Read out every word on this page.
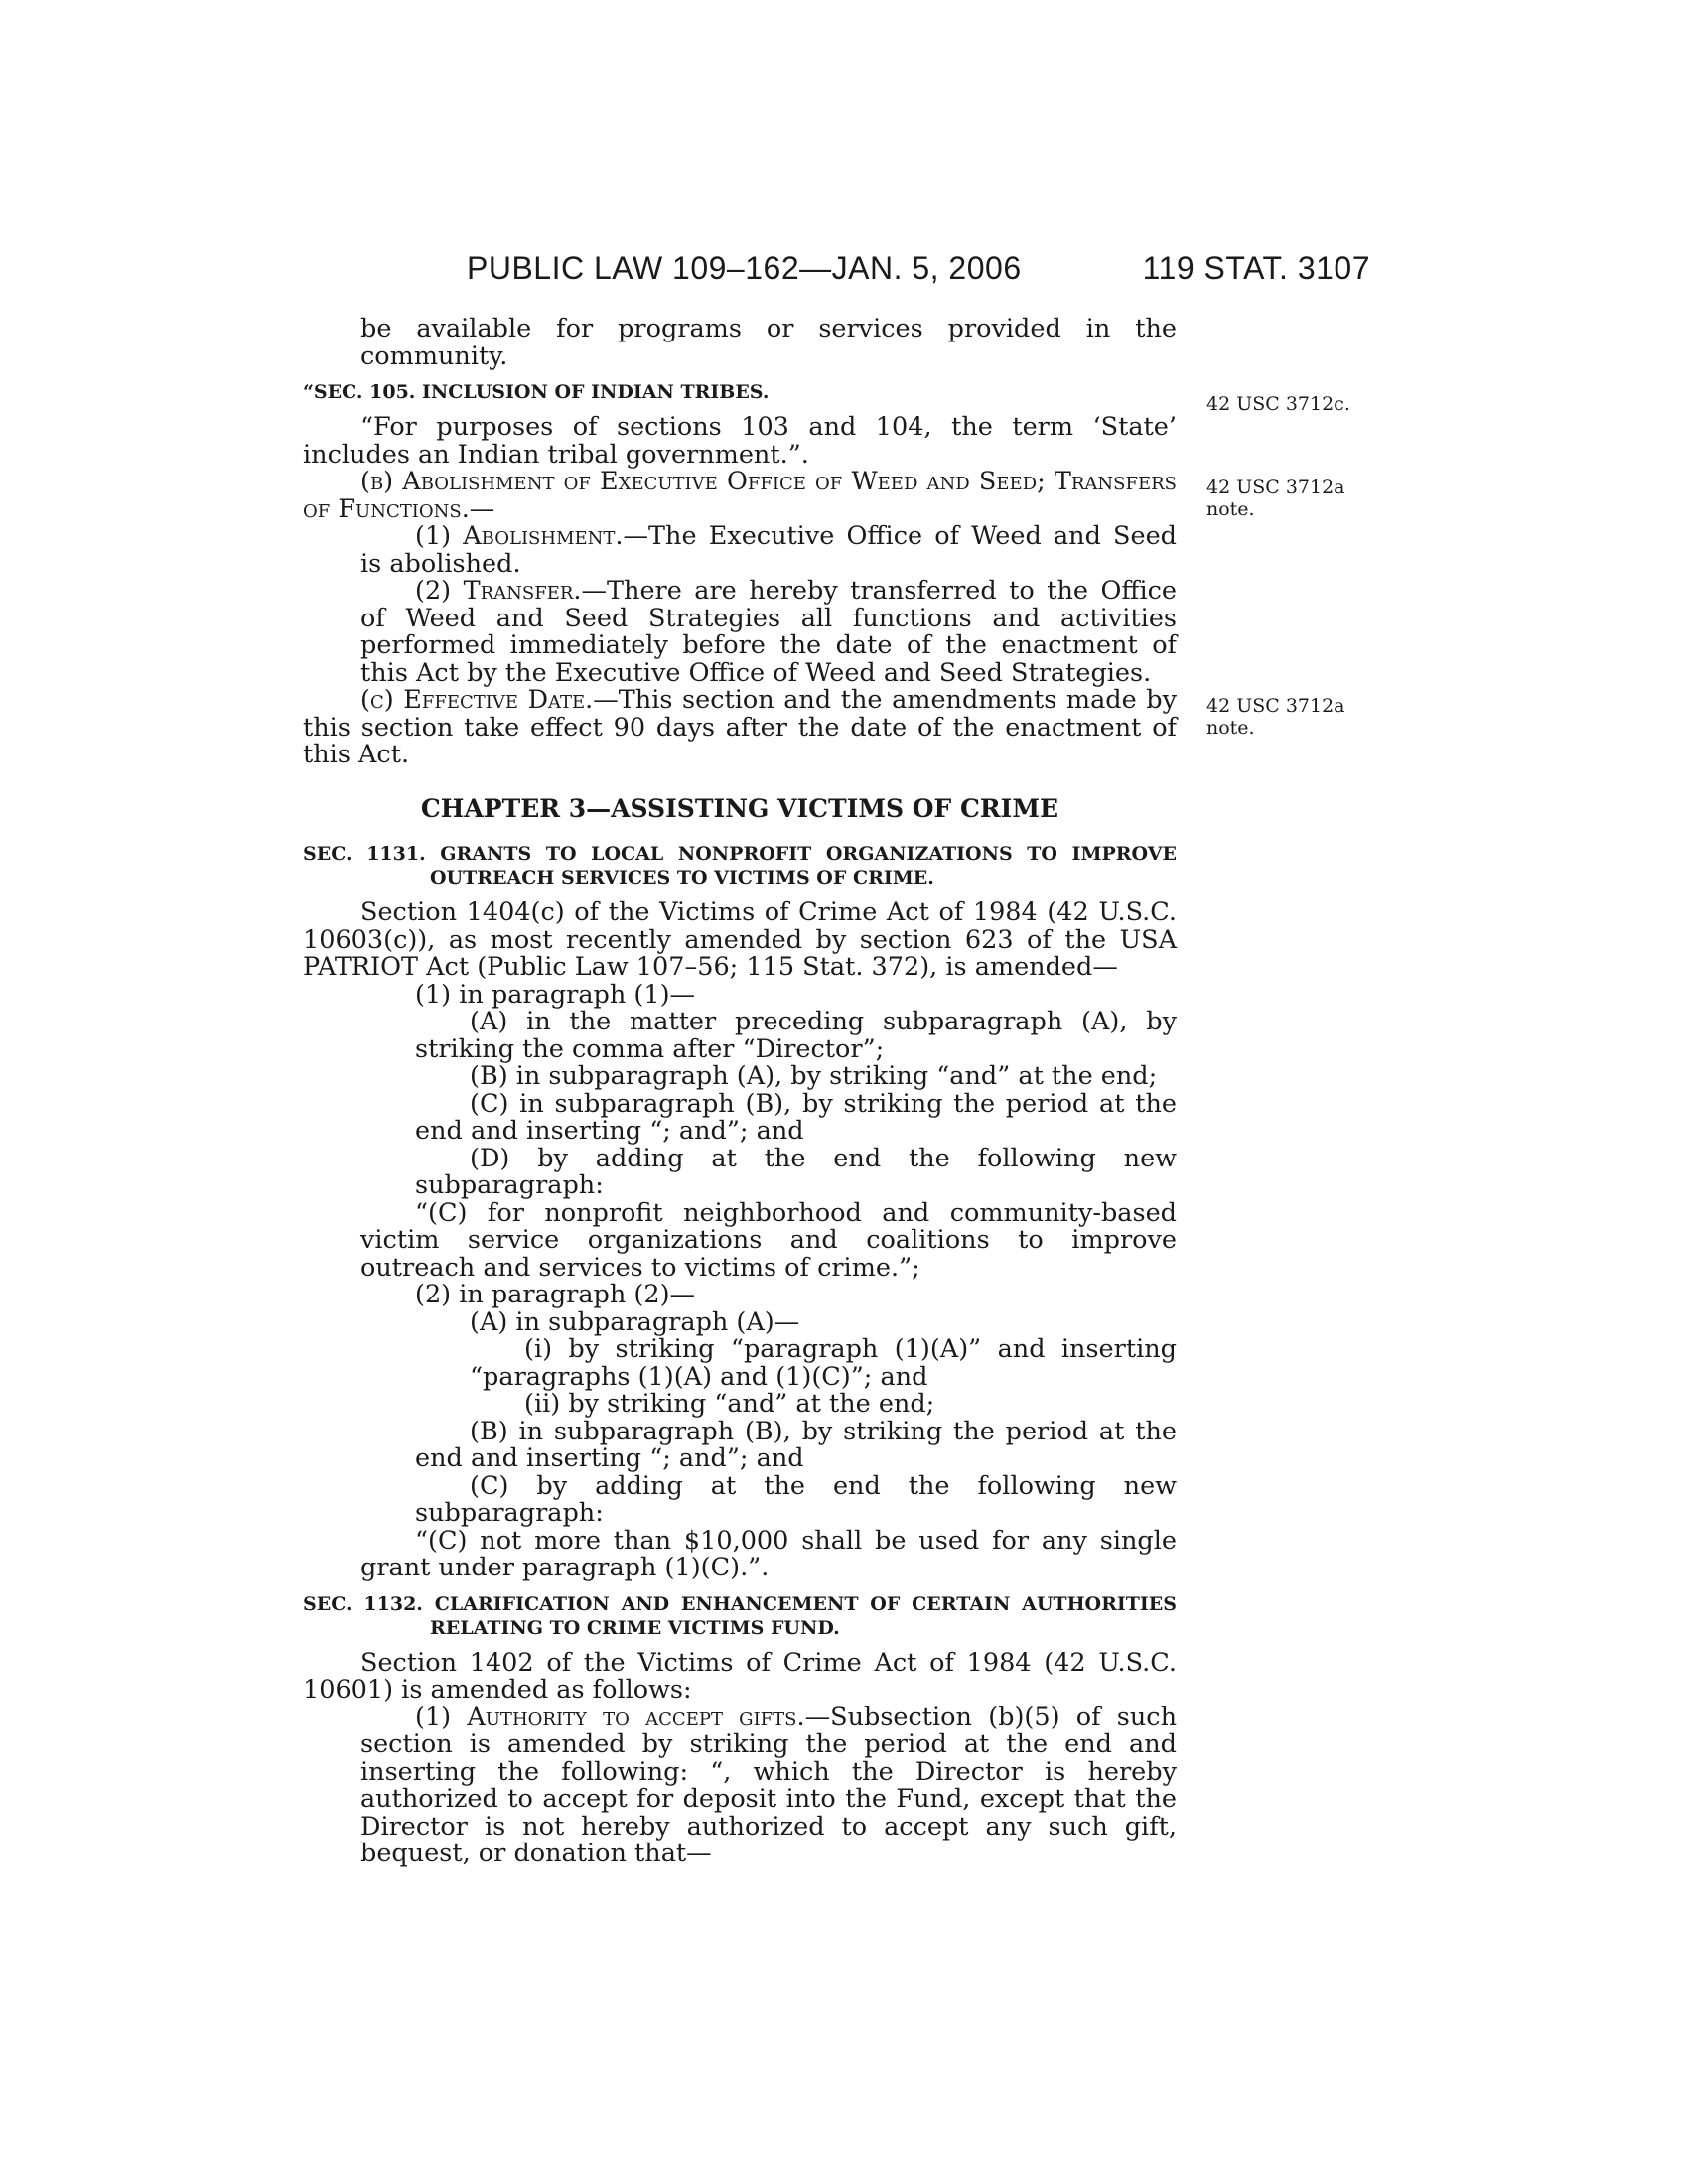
PUBLIC LAW 109–162—JAN. 5, 2006	119 STAT. 3107
42 USC 3712c.
42 USC 3712a
note.
42 USC 3712a
note.

be available for programs or services provided in the community.

“SEC. 105. INCLUSION OF INDIAN TRIBES.

“For purposes of sections 103 and 104, the term ‘State’ includes an Indian tribal government.”.

(b) Abolishment of Executive Office of Weed and Seed; Transfers of Functions.—

(1) Abolishment.—The Executive Office of Weed and Seed is abolished.

(2) Transfer.—There are hereby transferred to the Office of Weed and Seed Strategies all functions and activities performed immediately before the date of the enactment of this Act by the Executive Office of Weed and Seed Strategies.

(c) Effective Date.—This section and the amendments made by this section take effect 90 days after the date of the enactment of this Act.

CHAPTER 3—ASSISTING VICTIMS OF CRIME

SEC. 1131. GRANTS TO LOCAL NONPROFIT ORGANIZATIONS TO IMPROVE OUTREACH SERVICES TO VICTIMS OF CRIME.

Section 1404(c) of the Victims of Crime Act of 1984 (42 U.S.C. 10603(c)), as most recently amended by section 623 of the USA PATRIOT Act (Public Law 107–56; 115 Stat. 372), is amended—

(1) in paragraph (1)—

(A) in the matter preceding subparagraph (A), by striking the comma after “Director”;

(B) in subparagraph (A), by striking “and” at the end;

(C) in subparagraph (B), by striking the period at the end and inserting “; and”; and

(D) by adding at the end the following new subparagraph:

“(C) for nonprofit neighborhood and community-based victim service organizations and coalitions to improve outreach and services to victims of crime.”;

(2) in paragraph (2)—

(A) in subparagraph (A)—

(i) by striking “paragraph (1)(A)” and inserting “paragraphs (1)(A) and (1)(C)”; and

(ii) by striking “and” at the end;

(B) in subparagraph (B), by striking the period at the end and inserting “; and”; and

(C) by adding at the end the following new subparagraph:

“(C) not more than $10,000 shall be used for any single grant under paragraph (1)(C).”.

SEC. 1132. CLARIFICATION AND ENHANCEMENT OF CERTAIN AUTHORITIES RELATING TO CRIME VICTIMS FUND.

Section 1402 of the Victims of Crime Act of 1984 (42 U.S.C. 10601) is amended as follows:

(1) Authority to accept gifts.—Subsection (b)(5) of such section is amended by striking the period at the end and inserting the following: “, which the Director is hereby authorized to accept for deposit into the Fund, except that the Director is not hereby authorized to accept any such gift, bequest, or donation that—
